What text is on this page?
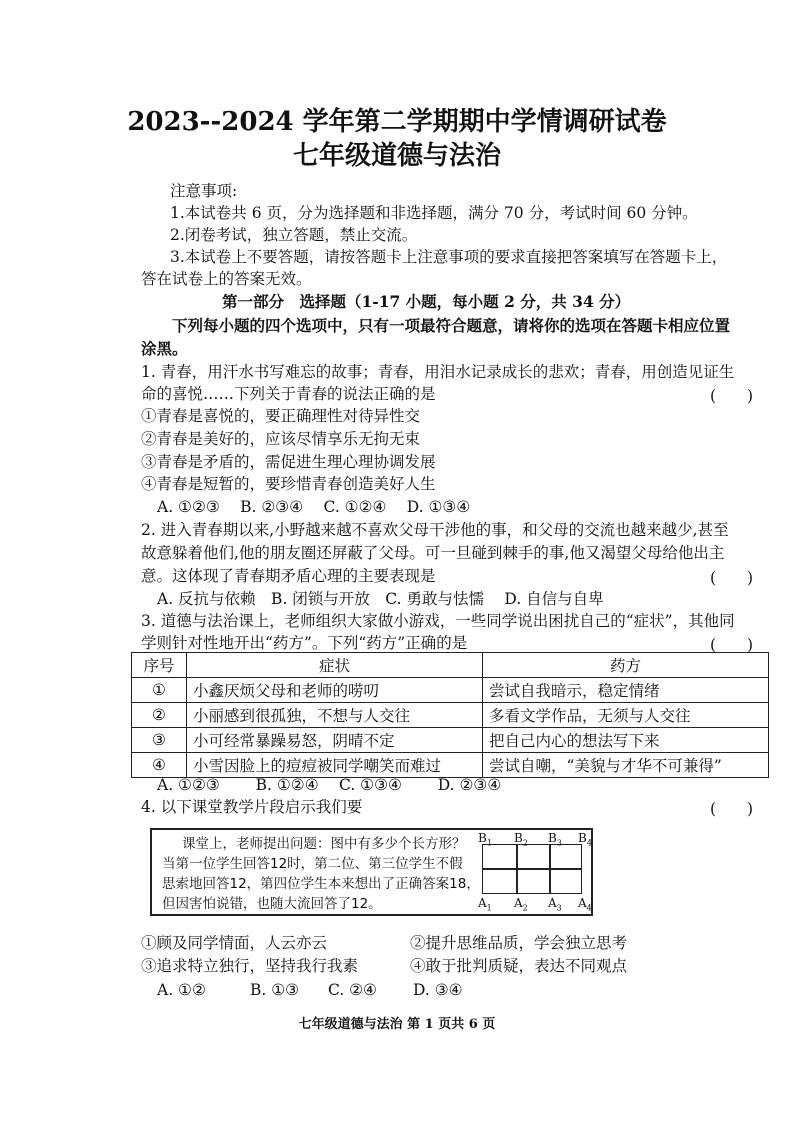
2023--2024 学年第二学期期中学情调研试卷
七年级道德与法治
注意事项:
1.本试卷共 6 页，分为选择题和非选择题，满分 70 分，考试时间 60 分钟。
2.闭卷考试，独立答题，禁止交流。
3.本试卷上不要答题，请按答题卡上注意事项的要求直接把答案填写在答题卡上，
答在试卷上的答案无效。
第一部分　选择题（1-17 小题，每小题 2 分，共 34 分）
下列每小题的四个选项中，只有一项最符合题意，请将你的选项在答题卡相应位置
涂黑。
1. 青春，用汗水书写难忘的故事；青春，用泪水记录成长的悲欢；青春，用创造见证生
命的喜悦……下列关于青春的说法正确的是	(　　)
①青春是喜悦的，要正确理性对待异性交
②青春是美好的，应该尽情享乐无拘无束
③青春是矛盾的，需促进生理心理协调发展
④青春是短暂的，要珍惜青春创造美好人生
A. ①②③　 B. ②③④　 C. ①②④　 D. ①③④
2. 进入青春期以来,小野越来越不喜欢父母干涉他的事，和父母的交流也越来越少,甚至
故意躲着他们,他的朋友圈还屏蔽了父母。可一旦碰到棘手的事,他又渴望父母给他出主
意。这体现了青春期矛盾心理的主要表现是	(　　)
A. 反抗与依赖　B. 闭锁与开放　C. 勇敢与怯懦　 D. 自信与自卑
3. 道德与法治课上，老师组织大家做小游戏，一些同学说出困扰自己的“症状”，其他同
学则针对性地开出“药方”。下列“药方”正确的是	(　　)
序号	症状	药方
①	小鑫厌烦父母和老师的唠叨	尝试自我暗示，稳定情绪
②	小丽感到很孤独，不想与人交往	多看文学作品，无须与人交往
③	小可经常暴躁易怒，阴晴不定	把自己内心的想法写下来
④	小雪因脸上的痘痘被同学嘲笑而难过	尝试自嘲，“美貌与才华不可兼得”
A. ①②③　　 B. ①②④　 C. ①③④　　 D. ②③④
4. 以下课堂教学片段启示我们要	(　　)
课堂上，老师提出问题：图中有多少个长方形？
当第一位学生回答12时，第二位、第三位学生不假
思索地回答12，第四位学生本来想出了正确答案18，
但因害怕说错，也随大流回答了12。
$B_1$ $B_2$ $B_3$ $B_4$
$A_1$ $A_2$ $A_3$ $A_4$
①顾及同学情面，人云亦云	②提升思维品质，学会独立思考
③追求特立独行，坚持我行我素	④敢于批判质疑，表达不同观点
A. ①②	B. ①③ C. ②④ D. ③④
七年级道德与法治 第 1 页共 6 页
